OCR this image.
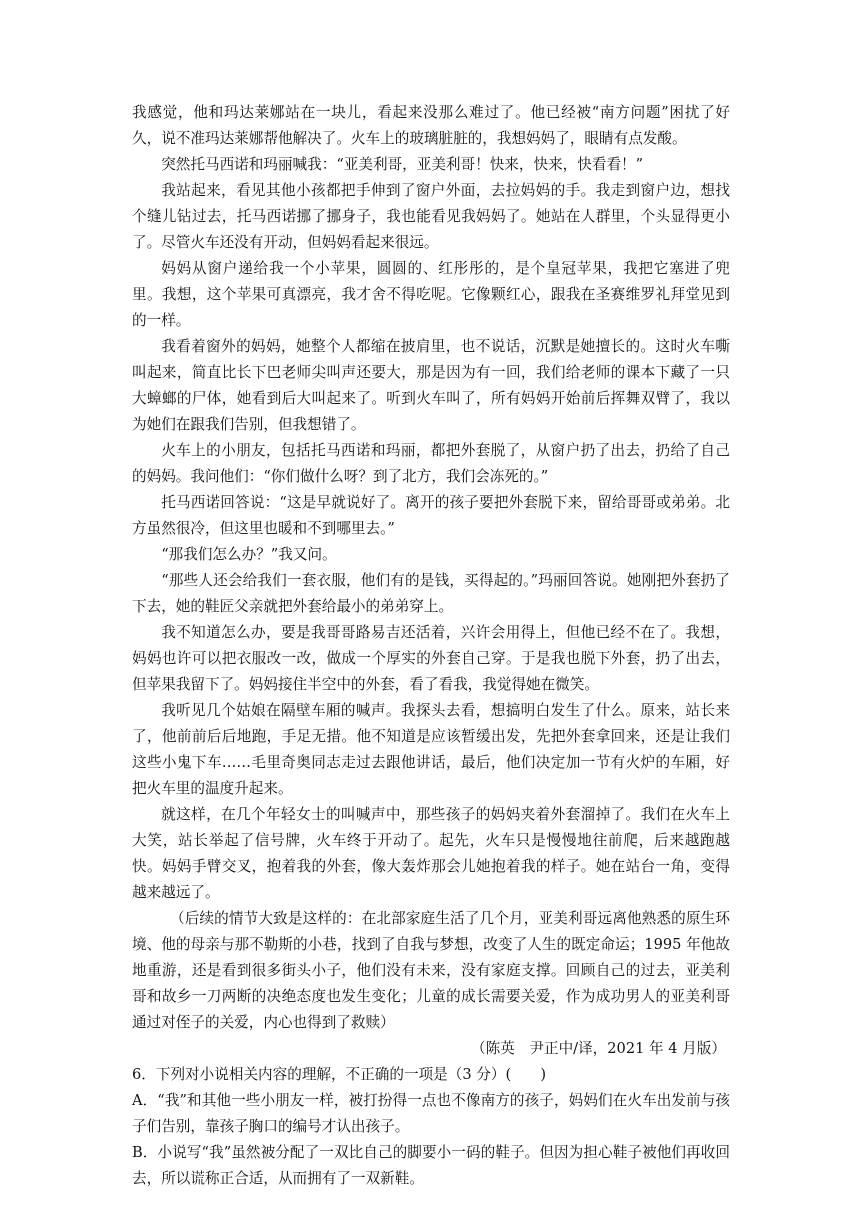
我感觉，他和玛达莱娜站在一块儿，看起来没那么难过了。他已经被“南方问题”困扰了好久，说不准玛达莱娜帮他解决了。火车上的玻璃脏脏的，我想妈妈了，眼睛有点发酸。

突然托马西诺和玛丽喊我：“亚美利哥，亚美利哥！快来，快来，快看看！”

我站起来，看见其他小孩都把手伸到了窗户外面，去拉妈妈的手。我走到窗户边，想找个缝儿钻过去，托马西诺挪了挪身子，我也能看见我妈妈了。她站在人群里，个头显得更小了。尽管火车还没有开动，但妈妈看起来很远。

妈妈从窗户递给我一个小苹果，圆圆的、红彤彤的，是个皇冠苹果，我把它塞进了兜里。我想，这个苹果可真漂亮，我才舍不得吃呢。它像颗红心，跟我在圣赛维罗礼拜堂见到的一样。

我看着窗外的妈妈，她整个人都缩在披肩里，也不说话，沉默是她擅长的。这时火车嘶叫起来，简直比长下巴老师尖叫声还要大，那是因为有一回，我们给老师的课本下藏了一只大蟑螂的尸体，她看到后大叫起来了。听到火车叫了，所有妈妈开始前后挥舞双臂了，我以为她们在跟我们告别，但我想错了。

火车上的小朋友，包括托马西诺和玛丽，都把外套脱了，从窗户扔了出去，扔给了自己的妈妈。我问他们：“你们做什么呀？到了北方，我们会冻死的。”

托马西诺回答说：“这是早就说好了。离开的孩子要把外套脱下来，留给哥哥或弟弟。北方虽然很冷，但这里也暖和不到哪里去。”

“那我们怎么办？”我又问。

“那些人还会给我们一套衣服，他们有的是钱，买得起的。”玛丽回答说。她刚把外套扔了下去，她的鞋匠父亲就把外套给最小的弟弟穿上。

我不知道怎么办，要是我哥哥路易吉还活着，兴许会用得上，但他已经不在了。我想，妈妈也许可以把衣服改一改，做成一个厚实的外套自己穿。于是我也脱下外套，扔了出去，但苹果我留下了。妈妈接住半空中的外套，看了看我，我觉得她在微笑。

我听见几个姑娘在隔壁车厢的喊声。我探头去看，想搞明白发生了什么。原来，站长来了，他前前后后地跑，手足无措。他不知道是应该暂缓出发，先把外套拿回来，还是让我们这些小鬼下车……毛里奇奥同志走过去跟他讲话，最后，他们决定加一节有火炉的车厢，好把火车里的温度升起来。

就这样，在几个年轻女士的叫喊声中，那些孩子的妈妈夹着外套溜掉了。我们在火车上大笑，站长举起了信号牌，火车终于开动了。起先，火车只是慢慢地往前爬，后来越跑越快。妈妈手臂交叉，抱着我的外套，像大轰炸那会儿她抱着我的样子。她在站台一角，变得越来越远了。

（后续的情节大致是这样的：在北部家庭生活了几个月，亚美利哥远离他熟悉的原生环境、他的母亲与那不勒斯的小巷，找到了自我与梦想，改变了人生的既定命运；1995 年他故地重游，还是看到很多街头小子，他们没有未来，没有家庭支撑。回顾自己的过去，亚美利哥和故乡一刀两断的决绝态度也发生变化；儿童的成长需要关爱，作为成功男人的亚美利哥通过对侄子的关爱，内心也得到了救赎）

（陈英　尹正中/译，2021 年 4 月版）

6．下列对小说相关内容的理解，不正确的一项是（3 分）(　　)

A．“我”和其他一些小朋友一样，被打扮得一点也不像南方的孩子，妈妈们在火车出发前与孩子们告别，靠孩子胸口的编号才认出孩子。

B．小说写“我”虽然被分配了一双比自己的脚要小一码的鞋子。但因为担心鞋子被他们再收回去，所以谎称正合适，从而拥有了一双新鞋。
